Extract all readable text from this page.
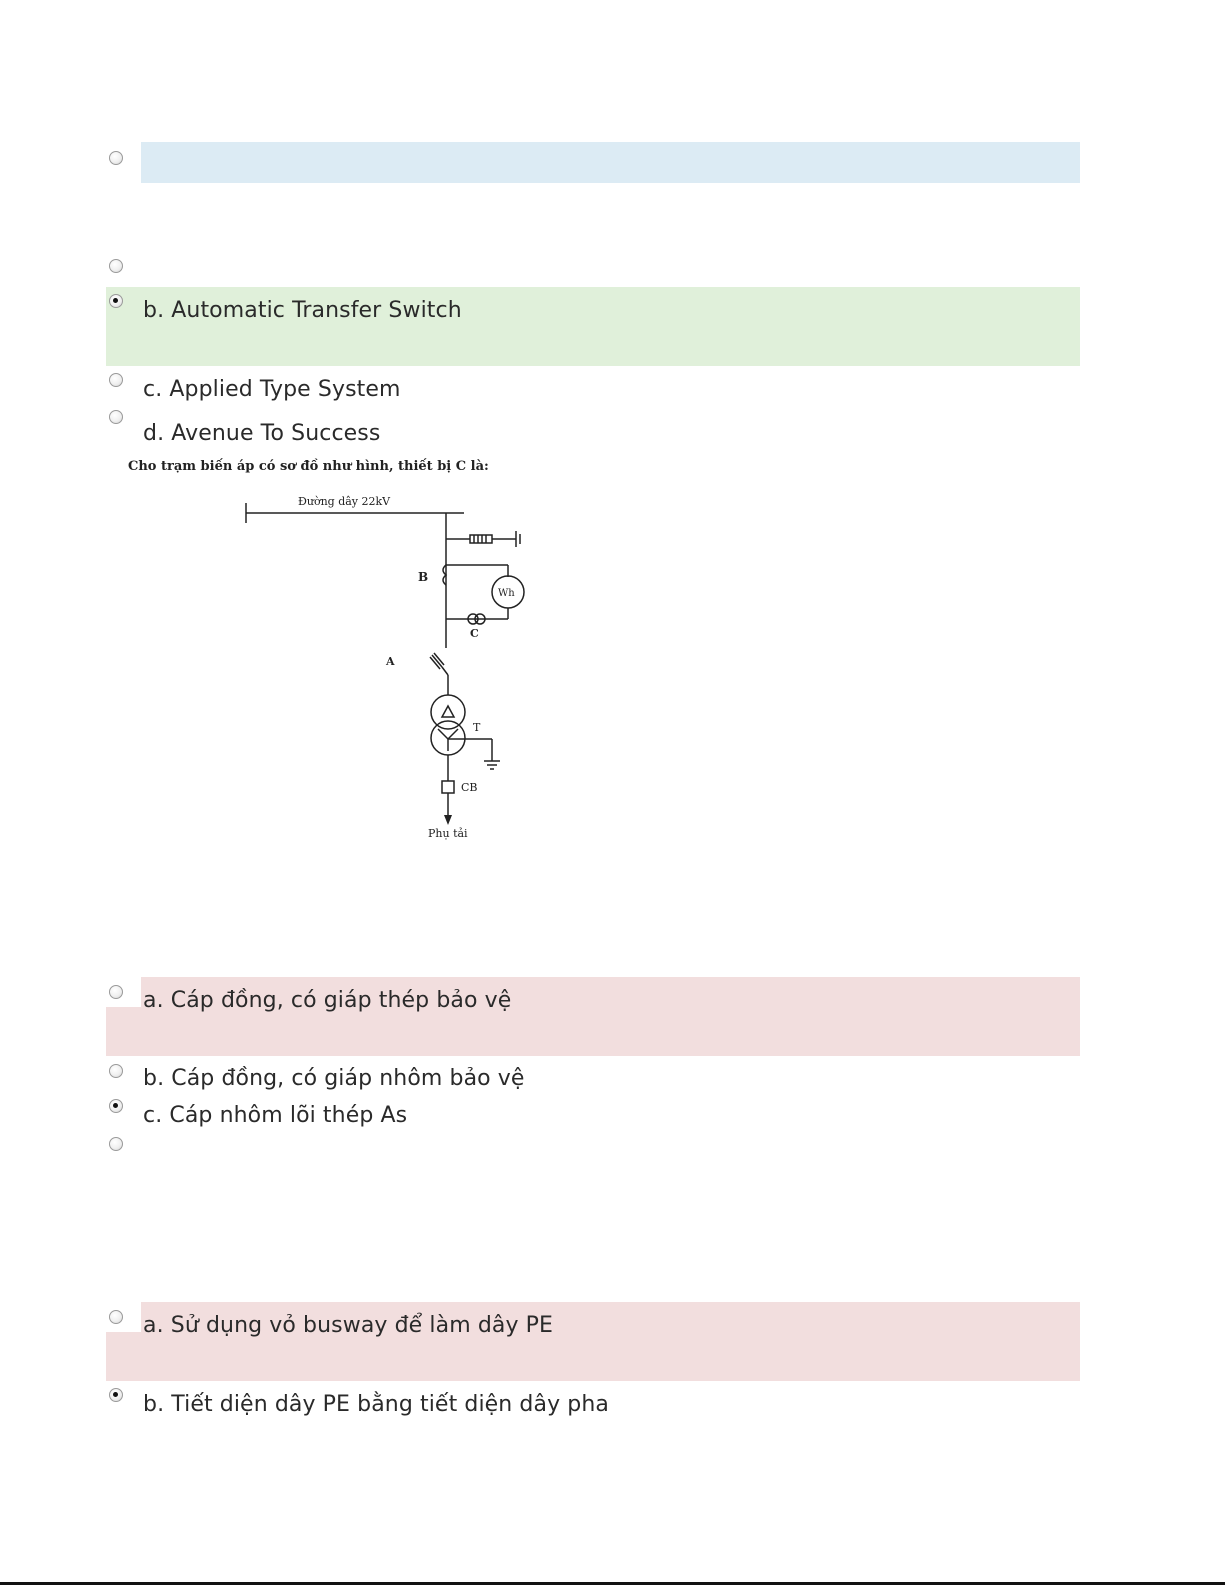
b. Automatic Transfer Switch
c. Applied Type System
d. Avenue To Success
Cho trạm biến áp có sơ đồ như hình, thiết bị C là:
Đường dây 22kV
B
C
Wh
A
T
CB
Phụ tải
a. Cáp đồng, có giáp thép bảo vệ
b. Cáp đồng, có giáp nhôm bảo vệ
c. Cáp nhôm lõi thép As
a. Sử dụng vỏ busway để làm dây PE
b. Tiết diện dây PE bằng tiết diện dây pha
